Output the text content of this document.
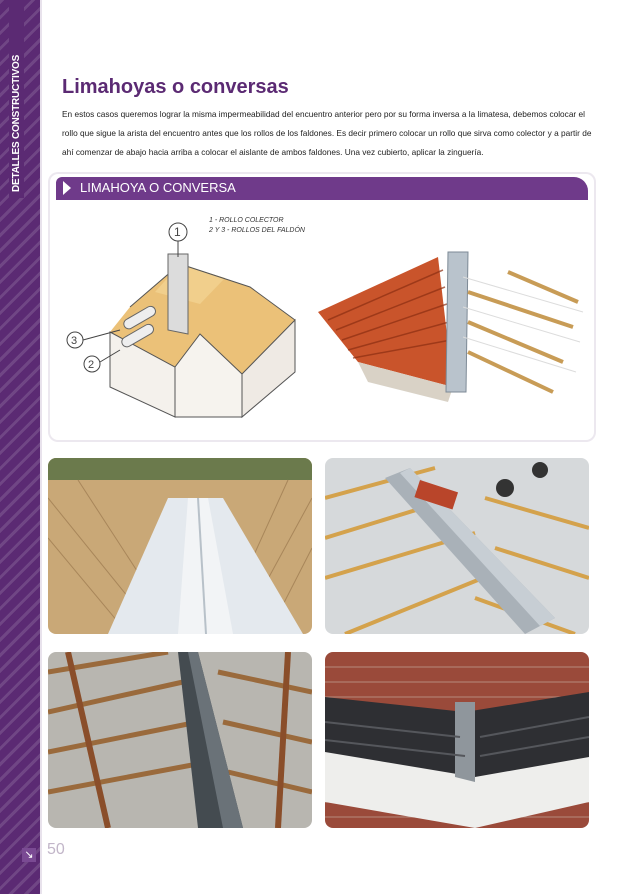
DETALLES CONSTRUCTIVOS
↘
Limahoyas o conversas

En estos casos queremos lograr la misma impermeabilidad del encuentro anterior pero por su forma inversa a la limatesa, debemos colocar el rollo que sigue la arista del encuentro antes que los rollos de los faldones. Es decir primero colocar un rollo que sirva como colector y a partir de ahí comenzar de abajo hacia arriba a colocar el aislante de ambos faldones. Una vez cubierto, aplicar la zinguería.

LIMAHOYA O CONVERSA
1 - ROLLO COLECTOR
2 Y 3 - ROLLOS DEL FALDÓN
1
3
2
50
